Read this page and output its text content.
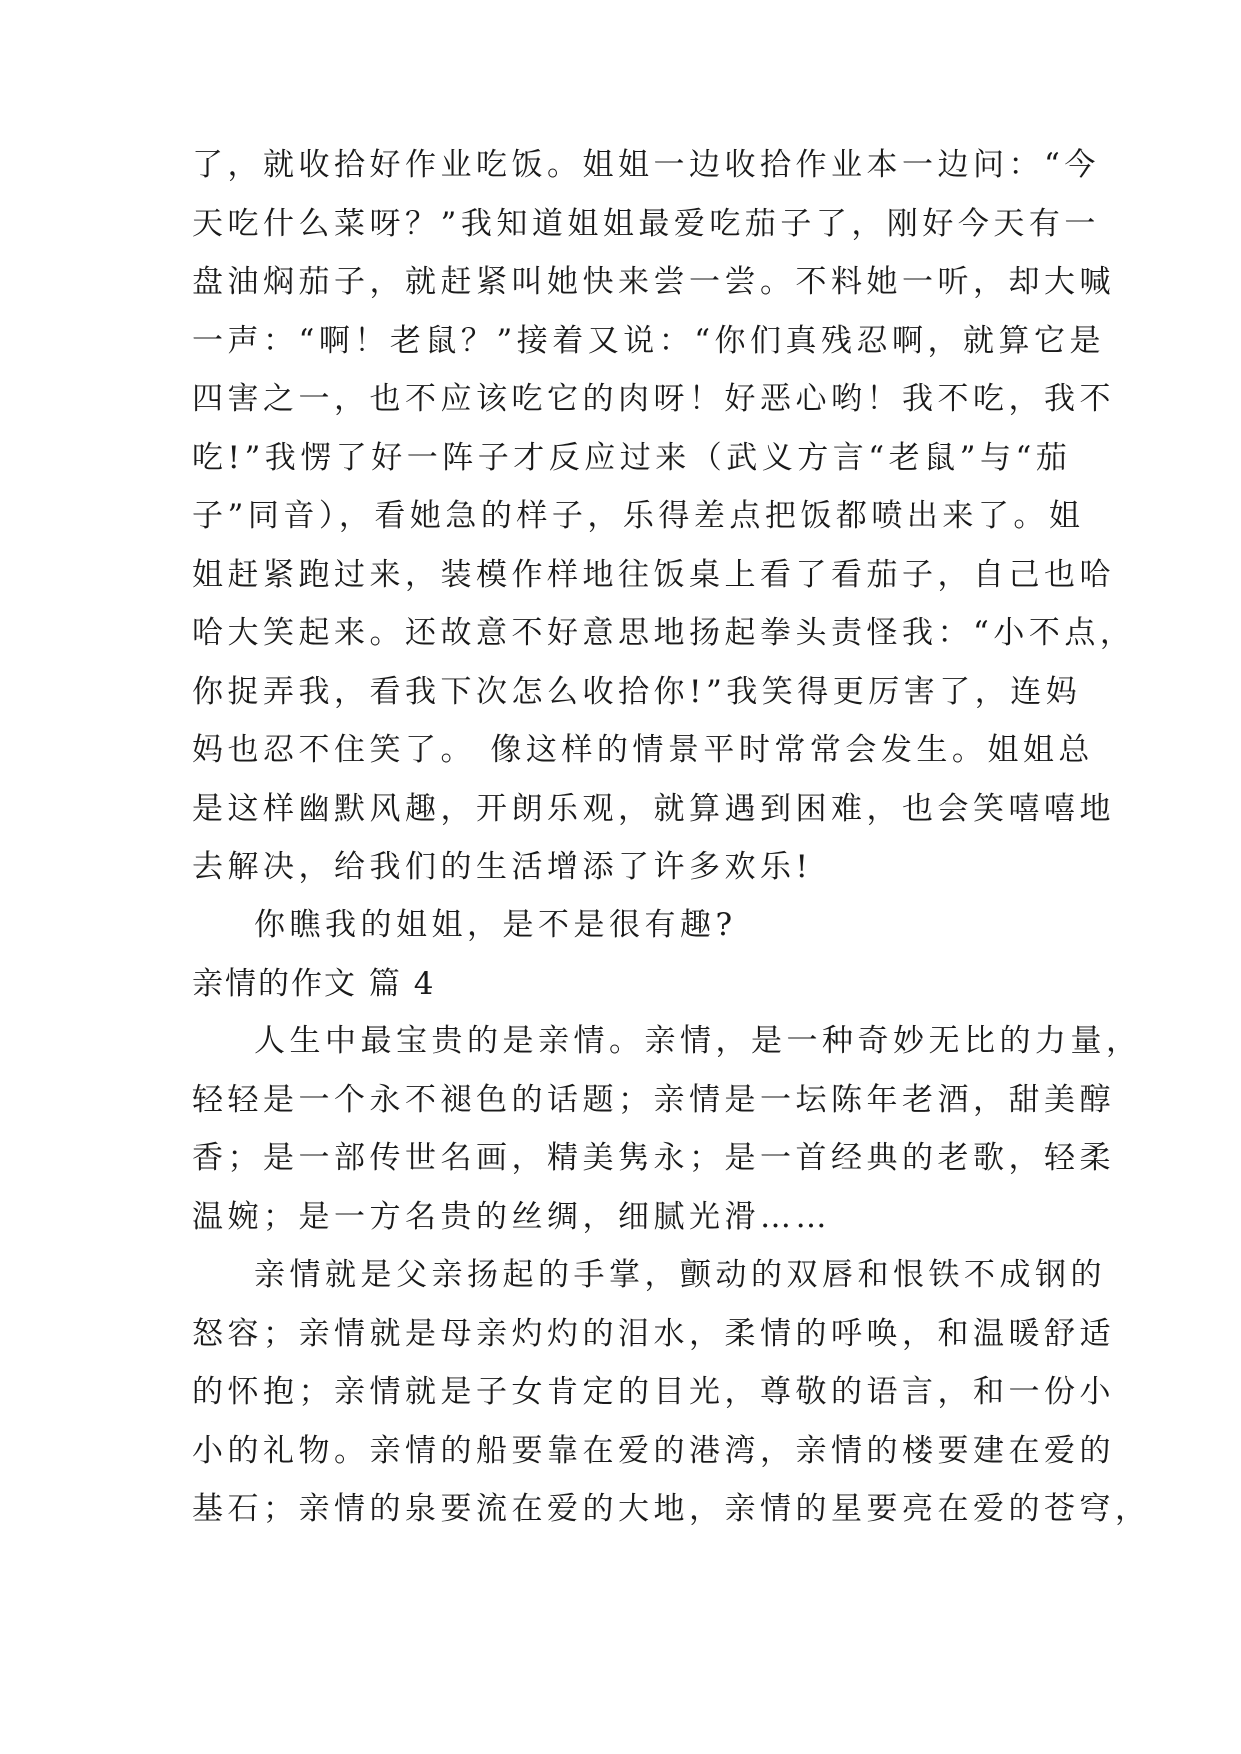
了，就收拾好作业吃饭。姐姐一边收拾作业本一边问：“今
天吃什么菜呀？”我知道姐姐最爱吃茄子了，刚好今天有一
盘油焖茄子，就赶紧叫她快来尝一尝。不料她一听，却大喊
一声：“啊！老鼠？”接着又说：“你们真残忍啊，就算它是
四害之一，也不应该吃它的肉呀！好恶心哟！我不吃，我不
吃!”我愣了好一阵子才反应过来（武义方言“老鼠”与“茄
子”同音），看她急的样子，乐得差点把饭都喷出来了。姐
姐赶紧跑过来，装模作样地往饭桌上看了看茄子，自己也哈
哈大笑起来。还故意不好意思地扬起拳头责怪我：“小不点，
你捉弄我，看我下次怎么收拾你!”我笑得更厉害了，连妈
妈也忍不住笑了。 像这样的情景平时常常会发生。姐姐总
是这样幽默风趣，开朗乐观，就算遇到困难，也会笑嘻嘻地
去解决，给我们的生活增添了许多欢乐!
你瞧我的姐姐，是不是很有趣?
亲情的作文 篇 4
人生中最宝贵的是亲情。亲情，是一种奇妙无比的力量，
轻轻是一个永不褪色的话题；亲情是一坛陈年老酒，甜美醇
香；是一部传世名画，精美隽永；是一首经典的老歌，轻柔
温婉；是一方名贵的丝绸，细腻光滑……
亲情就是父亲扬起的手掌，颤动的双唇和恨铁不成钢的
怒容；亲情就是母亲灼灼的泪水，柔情的呼唤，和温暖舒适
的怀抱；亲情就是子女肯定的目光，尊敬的语言，和一份小
小的礼物。亲情的船要靠在爱的港湾，亲情的楼要建在爱的
基石；亲情的泉要流在爱的大地，亲情的星要亮在爱的苍穹，
